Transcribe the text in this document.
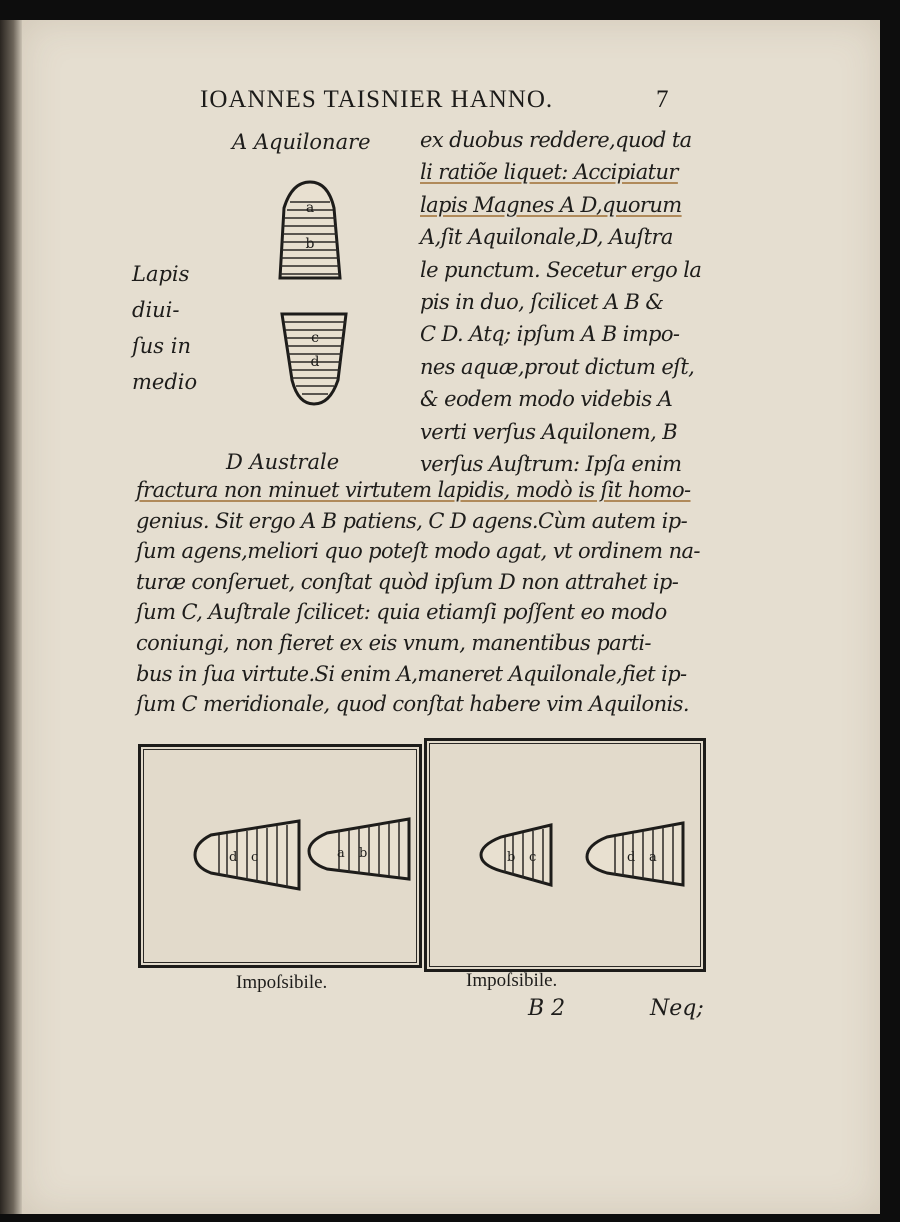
IOANNES TAISNIER HANNO.	7
A Aquilonare
a
b
c
d
Lapis
diui-
ſus in
medio
D Australe
ex duobus reddere,quod ta
li ratiõe liquet: Accipiatur
lapis Magnes A D,quorum
A,ſit Aquilonale,D, Auſtra
le punctum. Secetur ergo la
pis in duo, ſcilicet A B &
C D. Atq; ipſum A B impo-
nes aquæ,prout dictum eſt,
& eodem modo videbis A
verti verſus Aquilonem, B
verſus Auſtrum: Ipſa enim
fractura non minuet virtutem lapidis, modò is ſit homo-
genius. Sit ergo A B patiens, C D agens.Cùm autem ip-
ſum agens,meliori quo poteſt modo agat, vt ordinem na-
turæ conſeruet, conſtat quòd ipſum D non attrahet ip-
ſum C, Auſtrale ſcilicet: quia etiamſi poſſent eo modo
coniungi, non fieret ex eis vnum, manentibus parti-
bus in ſua virtute.Si enim A,maneret Aquilonale,fiet ip-
ſum C meridionale, quod conſtat habere vim Aquilonis.
d c	a b
Impoſsibile.
b c	d a
Impoſsibile.
B 2	Neq;
